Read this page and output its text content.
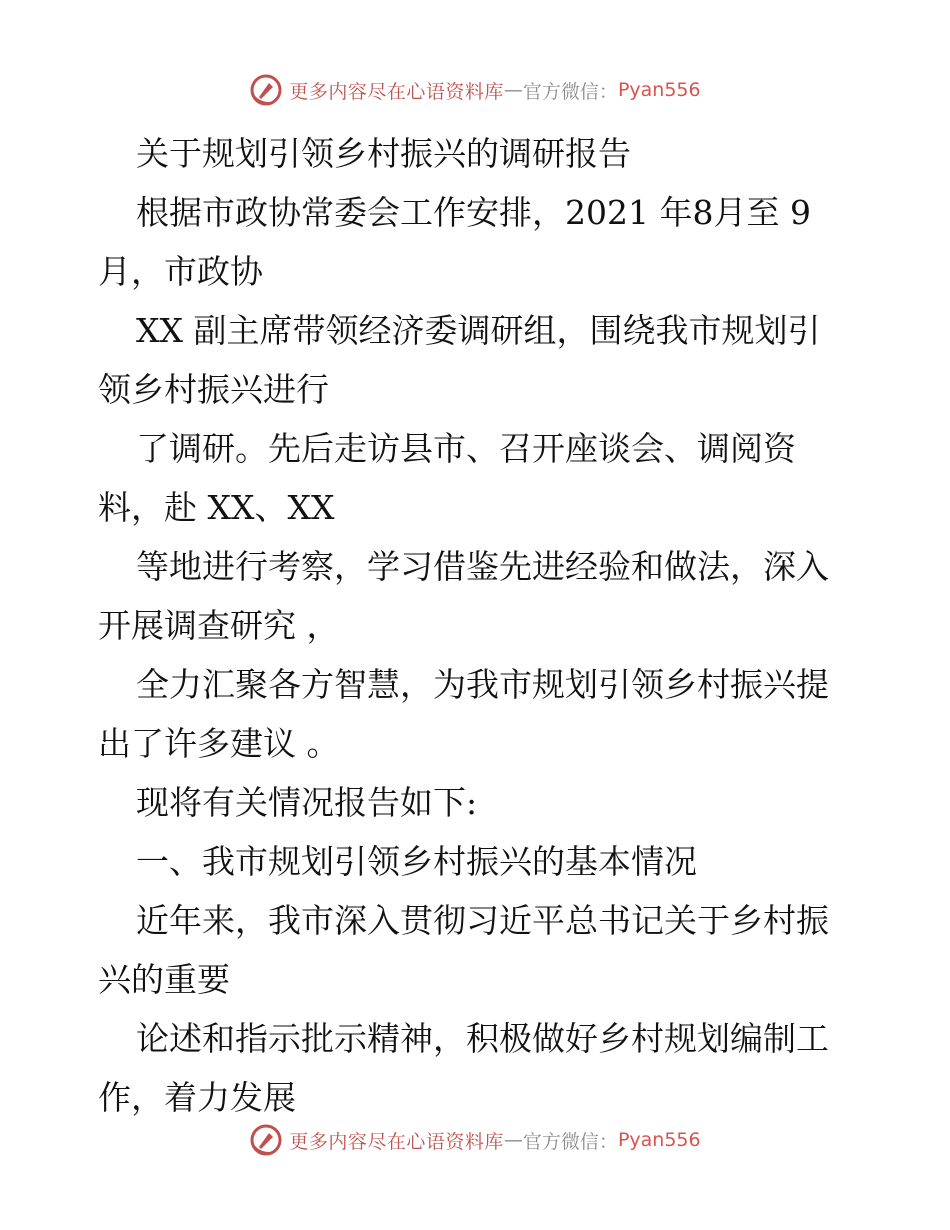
更多内容尽在心语资料库 — 官方微信： Pyan556

关于规划引领乡村振兴的调研报告

根据市政协常委会工作安排，2021 年8月至 9

月，市政协

XX 副主席带领经济委调研组，围绕我市规划引

领乡村振兴进行

了调研。先后走访县市、召开座谈会、调阅资

料，赴 XX、XX

等地进行考察，学习借鉴先进经验和做法，深入

开展调查研究 ，

全力汇聚各方智慧，为我市规划引领乡村振兴提

出了许多建议 。

现将有关情况报告如下:

一、我市规划引领乡村振兴的基本情况

近年来，我市深入贯彻习近平总书记关于乡村振

兴的重要

论述和指示批示精神，积极做好乡村规划编制工

作，着力发展

更多内容尽在心语资料库 — 官方微信： Pyan556
